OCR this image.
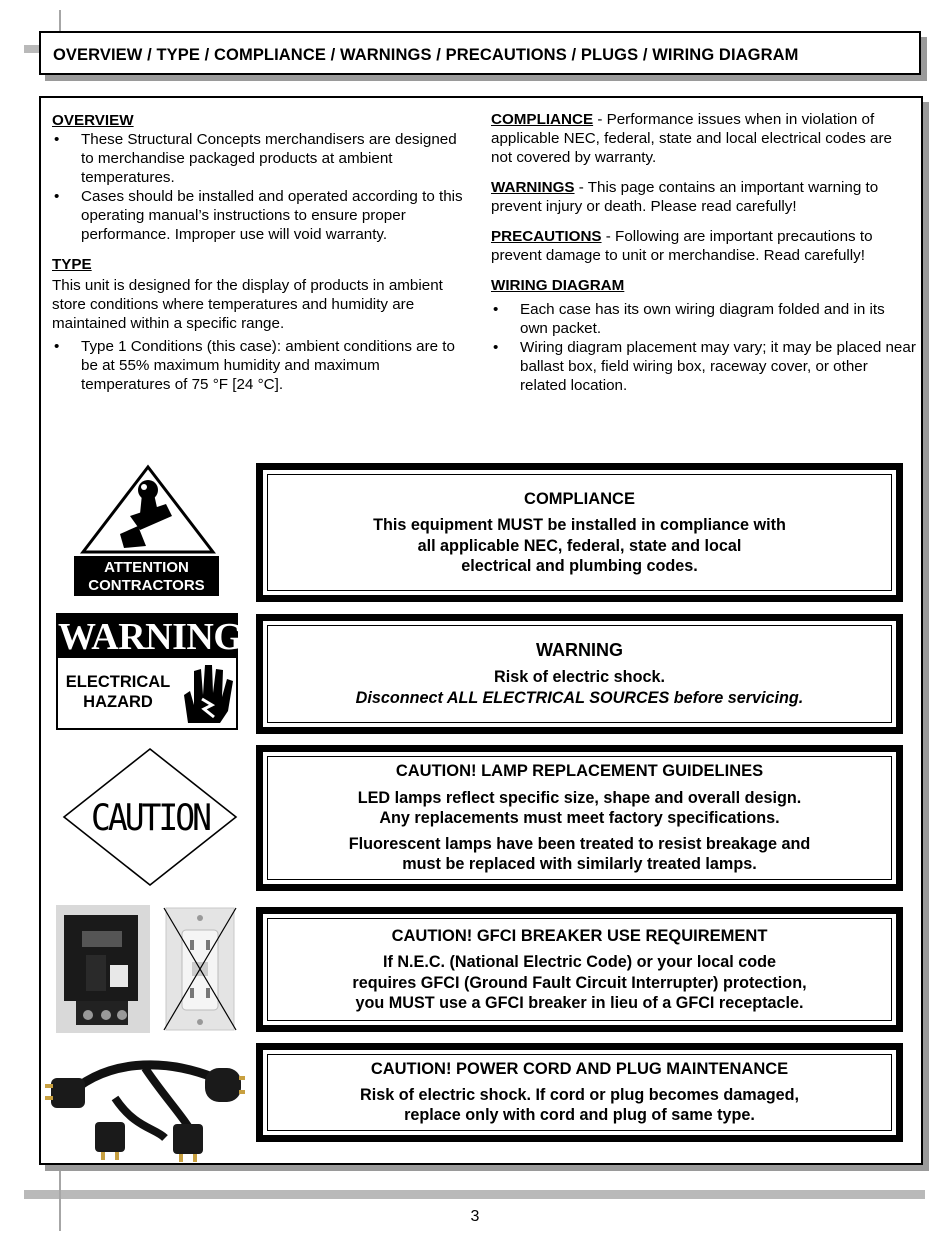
OVERVIEW / TYPE / COMPLIANCE / WARNINGS / PRECAUTIONS / PLUGS / WIRING DIAGRAM
OVERVIEW
• These Structural Concepts merchandisers are designed to merchandise packaged products at ambient temperatures.
• Cases should be installed and operated according to this operating manual’s instructions to ensure proper performance. Improper use will void warranty.
TYPE

This unit is designed for the display of products in ambient store conditions where temperatures and humidity are maintained within a specific range.

• Type 1 Conditions (this case): ambient conditions are to be at 55% maximum humidity and maximum temperatures of 75 °F [24 °C].

COMPLIANCE - Performance issues when in violation of applicable NEC, federal, state and local electrical codes are not covered by warranty.

WARNINGS - This page contains an important warning to prevent injury or death. Please read carefully!

PRECAUTIONS - Following are important precautions to prevent damage to unit or merchandise. Read carefully!

WIRING DIAGRAM
• Each case has its own wiring diagram folded and in its own packet.
• Wiring diagram placement may vary; it may be placed near ballast box, field wiring box, raceway cover, or other related location.
ATTENTION
CONTRACTORS
WARNING
ELECTRICAL
HAZARD
CAUTION
COMPLIANCE
This equipment MUST be installed in compliance with
all applicable NEC, federal, state and local
electrical and plumbing codes.
WARNING
Risk of electric shock.
Disconnect ALL ELECTRICAL SOURCES before servicing.
CAUTION! LAMP REPLACEMENT GUIDELINES
LED lamps reflect specific size, shape and overall design.
Any replacements must meet factory specifications.
Fluorescent lamps have been treated to resist breakage and
must be replaced with similarly treated lamps.
CAUTION! GFCI BREAKER USE REQUIREMENT
If N.E.C. (National Electric Code) or your local code
requires GFCI (Ground Fault Circuit Interrupter) protection,
you MUST use a GFCI breaker in lieu of a GFCI receptacle.
CAUTION! POWER CORD AND PLUG MAINTENANCE
Risk of electric shock. If cord or plug becomes damaged,
replace only with cord and plug of same type.
3
